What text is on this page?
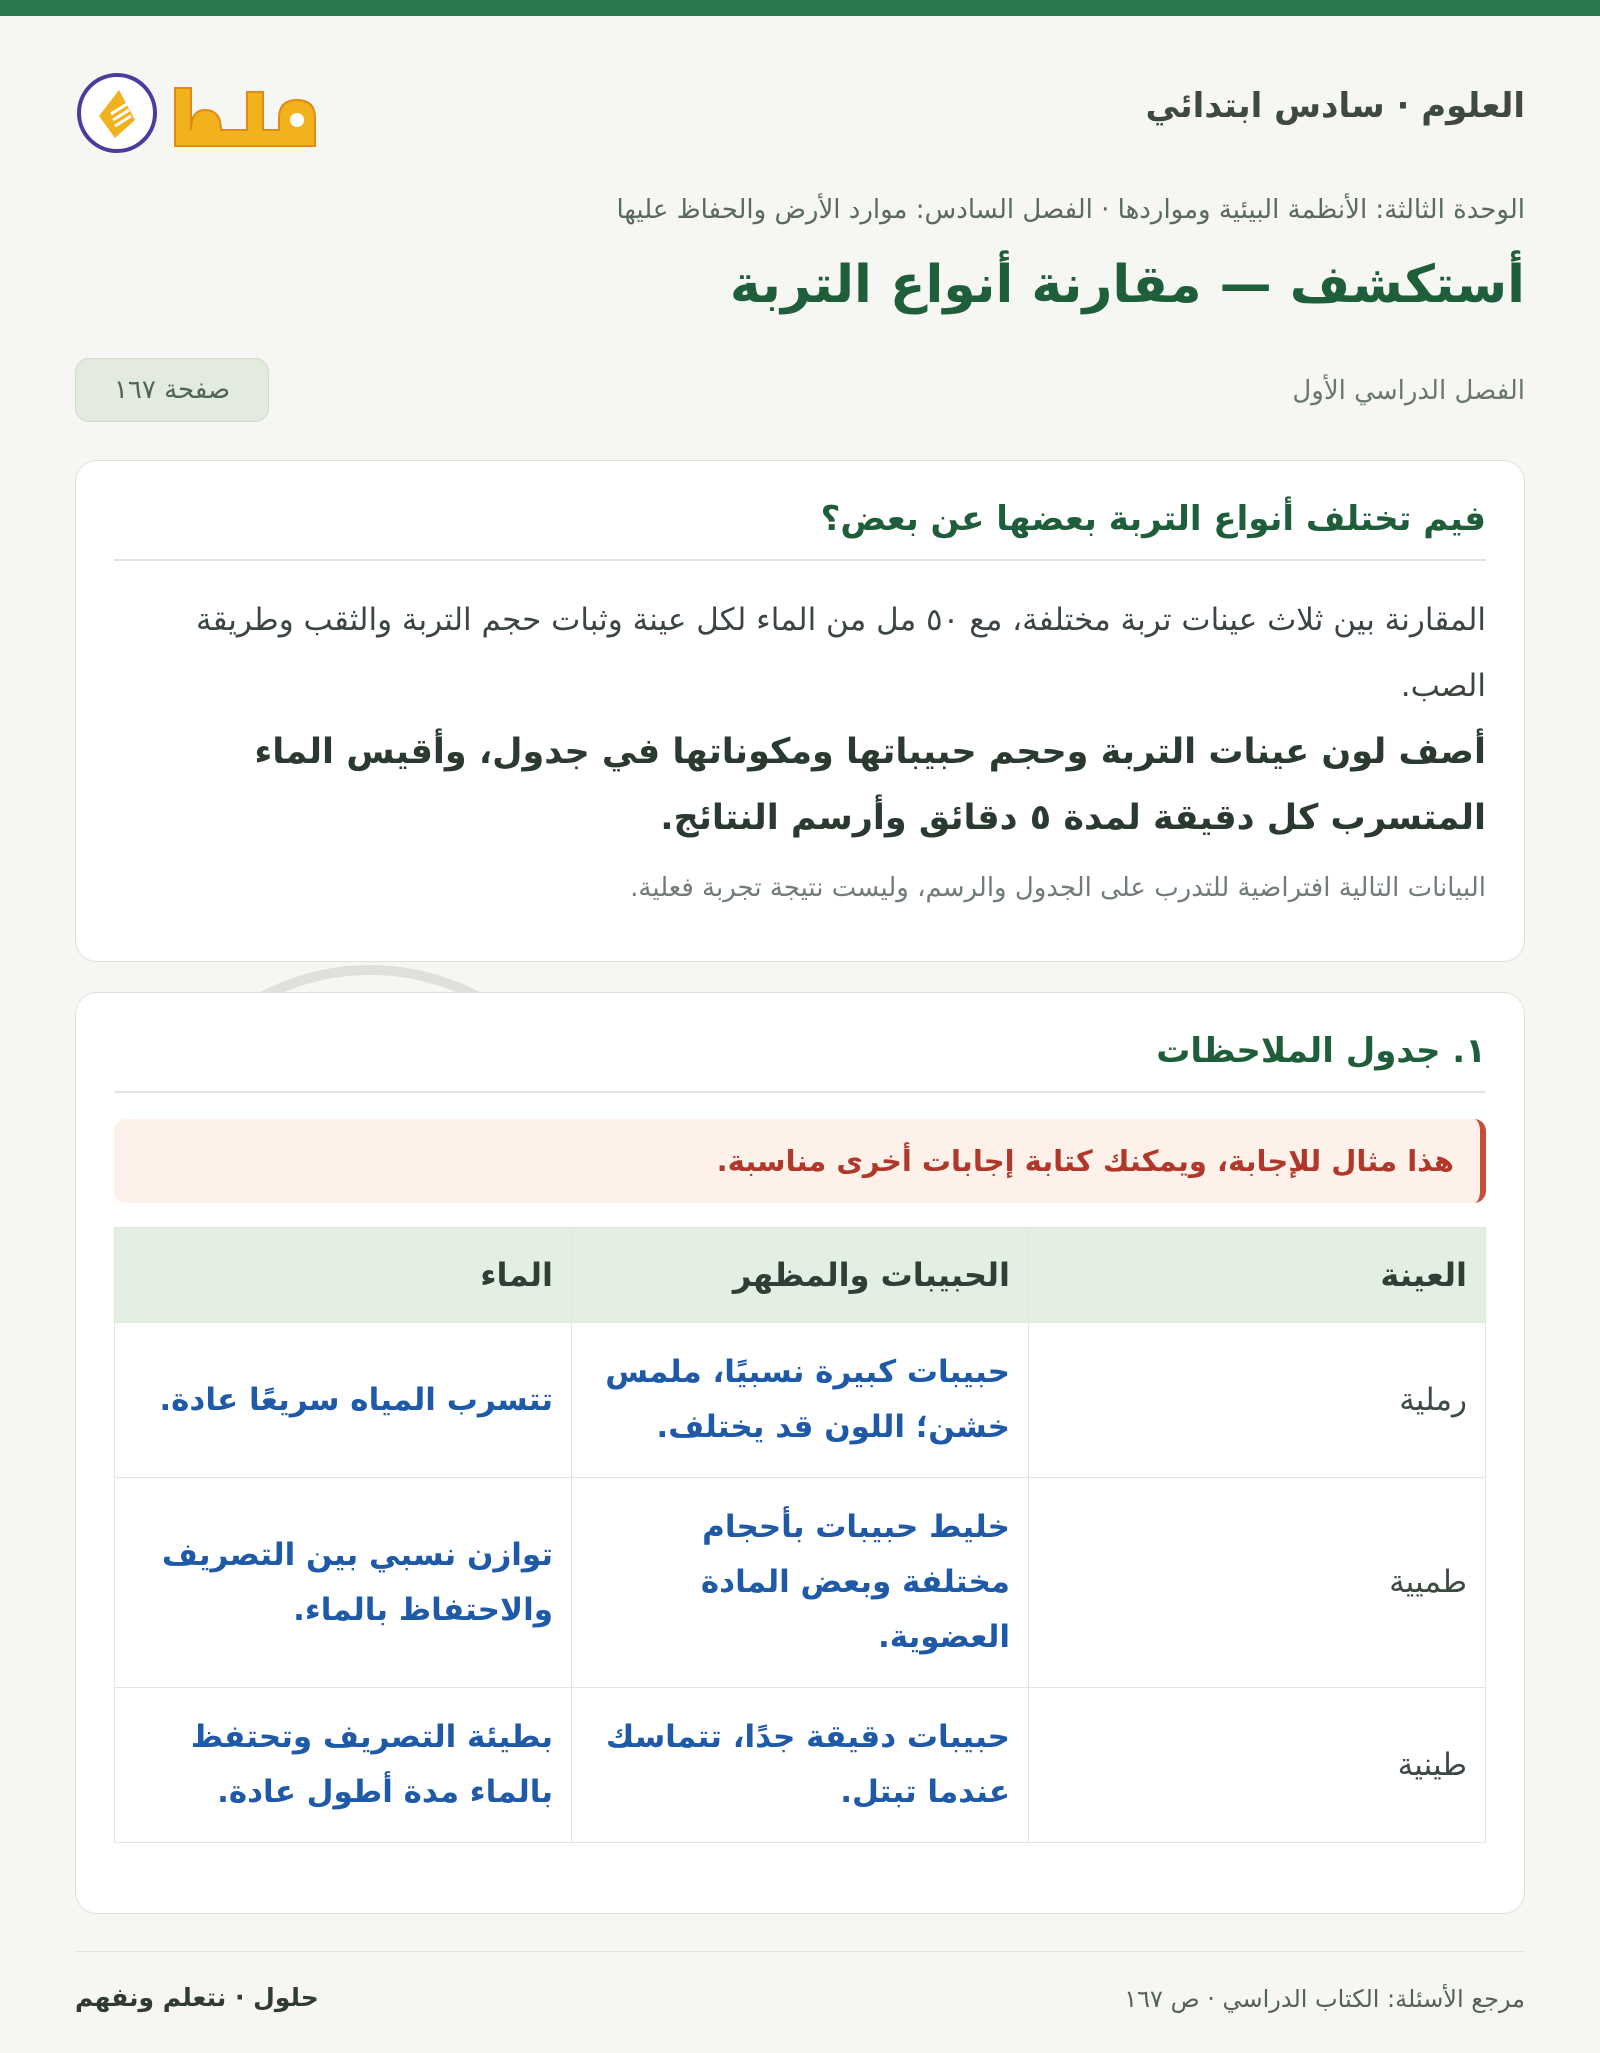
العلوم · سادس ابتدائي
الوحدة الثالثة: الأنظمة البيئية ومواردها · الفصل السادس: موارد الأرض والحفاظ عليها
أستكشف — مقارنة أنواع التربة
الفصل الدراسي الأول
صفحة ١٦٧
فيم تختلف أنواع التربة بعضها عن بعض؟
المقارنة بين ثلاث عينات تربة مختلفة، مع ٥٠ مل من الماء لكل عينة وثبات حجم التربة والثقب وطريقة الصب.
أصف لون عينات التربة وحجم حبيباتها ومكوناتها في جدول، وأقيس الماء المتسرب كل دقيقة لمدة ٥ دقائق وأرسم النتائج.
البيانات التالية افتراضية للتدرب على الجدول والرسم، وليست نتيجة تجربة فعلية.
١. جدول الملاحظات
هذا مثال للإجابة، ويمكنك كتابة إجابات أخرى مناسبة.
العينة	الحبيبات والمظهر	الماء
رملية	حبيبات كبيرة نسبيًا، ملمس خشن؛ اللون قد يختلف.	تتسرب المياه سريعًا عادة.
طميية	خليط حبيبات بأحجام مختلفة وبعض المادة العضوية.	توازن نسبي بين التصريف والاحتفاظ بالماء.
طينية	حبيبات دقيقة جدًا، تتماسك عندما تبتل.	بطيئة التصريف وتحتفظ بالماء مدة أطول عادة.
مرجع الأسئلة: الكتاب الدراسي · ص ١٦٧
حلول · نتعلم ونفهم
